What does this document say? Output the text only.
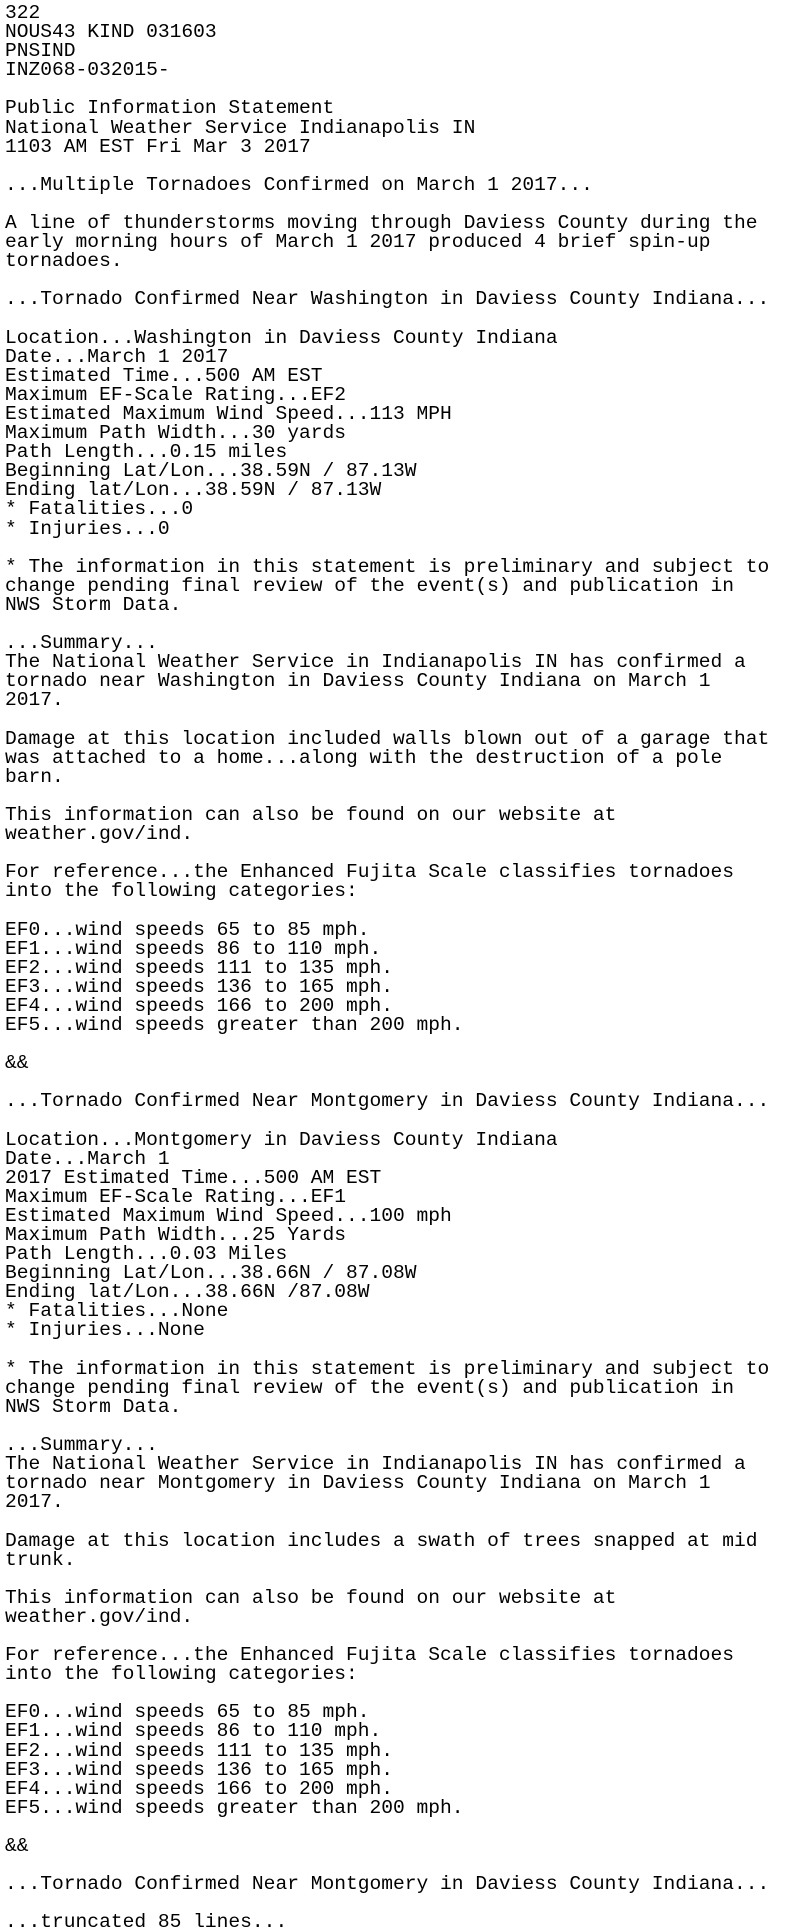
322
NOUS43 KIND 031603
PNSIND
INZ068-032015-
Public Information Statement
National Weather Service Indianapolis IN
1103 AM EST Fri Mar 3 2017
...Multiple Tornadoes Confirmed on March 1 2017...
A line of thunderstorms moving through Daviess County during the
early morning hours of March 1 2017 produced 4 brief spin-up
tornadoes.
...Tornado Confirmed Near Washington in Daviess County Indiana...
Location...Washington in Daviess County Indiana
Date...March 1 2017
Estimated Time...500 AM EST
Maximum EF-Scale Rating...EF2
Estimated Maximum Wind Speed...113 MPH
Maximum Path Width...30 yards
Path Length...0.15 miles
Beginning Lat/Lon...38.59N / 87.13W
Ending lat/Lon...38.59N / 87.13W
* Fatalities...0
* Injuries...0
* The information in this statement is preliminary and subject to
change pending final review of the event(s) and publication in
NWS Storm Data.
...Summary...
The National Weather Service in Indianapolis IN has confirmed a
tornado near Washington in Daviess County Indiana on March 1
2017.
Damage at this location included walls blown out of a garage that
was attached to a home...along with the destruction of a pole
barn.
This information can also be found on our website at
weather.gov/ind.
For reference...the Enhanced Fujita Scale classifies tornadoes
into the following categories:
EF0...wind speeds 65 to 85 mph.
EF1...wind speeds 86 to 110 mph.
EF2...wind speeds 111 to 135 mph.
EF3...wind speeds 136 to 165 mph.
EF4...wind speeds 166 to 200 mph.
EF5...wind speeds greater than 200 mph.
&&
...Tornado Confirmed Near Montgomery in Daviess County Indiana...
Location...Montgomery in Daviess County Indiana
Date...March 1
2017 Estimated Time...500 AM EST
Maximum EF-Scale Rating...EF1
Estimated Maximum Wind Speed...100 mph
Maximum Path Width...25 Yards
Path Length...0.03 Miles
Beginning Lat/Lon...38.66N / 87.08W
Ending lat/Lon...38.66N /87.08W
* Fatalities...None
* Injuries...None
* The information in this statement is preliminary and subject to
change pending final review of the event(s) and publication in
NWS Storm Data.
...Summary...
The National Weather Service in Indianapolis IN has confirmed a
tornado near Montgomery in Daviess County Indiana on March 1
2017.
Damage at this location includes a swath of trees snapped at mid
trunk.
This information can also be found on our website at
weather.gov/ind.
For reference...the Enhanced Fujita Scale classifies tornadoes
into the following categories:
EF0...wind speeds 65 to 85 mph.
EF1...wind speeds 86 to 110 mph.
EF2...wind speeds 111 to 135 mph.
EF3...wind speeds 136 to 165 mph.
EF4...wind speeds 166 to 200 mph.
EF5...wind speeds greater than 200 mph.
&&
...Tornado Confirmed Near Montgomery in Daviess County Indiana...
...truncated 85 lines...
